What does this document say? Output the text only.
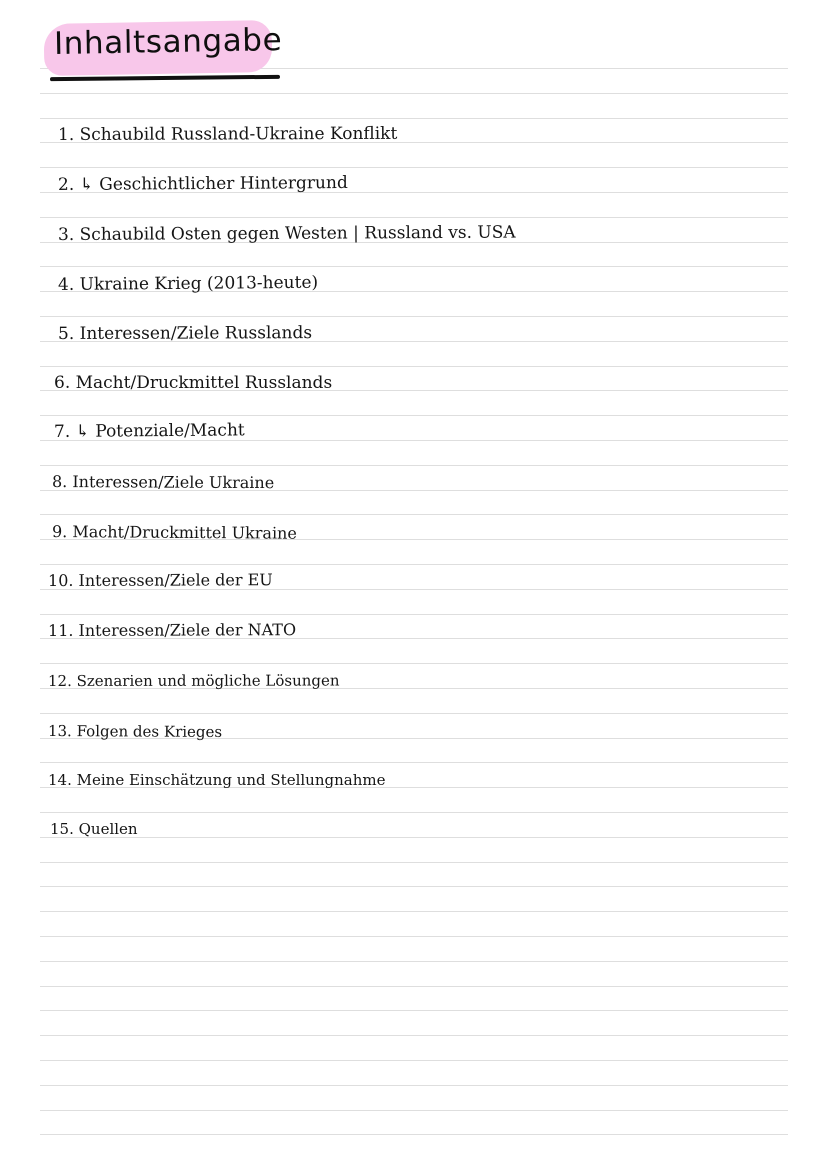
Inhaltsangabe
1. Schaubild Russland-Ukraine Konflikt
2. ↳ Geschichtlicher Hintergrund
3. Schaubild Osten gegen Westen | Russland vs. USA
4. Ukraine Krieg (2013-heute)
5. Interessen/Ziele Russlands
6. Macht/Druckmittel Russlands
7. ↳ Potenziale/Macht
8. Interessen/Ziele Ukraine
9. Macht/Druckmittel Ukraine
10. Interessen/Ziele der EU
11. Interessen/Ziele der NATO
12. Szenarien und mögliche Lösungen
13. Folgen des Krieges
14. Meine Einschätzung und Stellungnahme
15. Quellen
